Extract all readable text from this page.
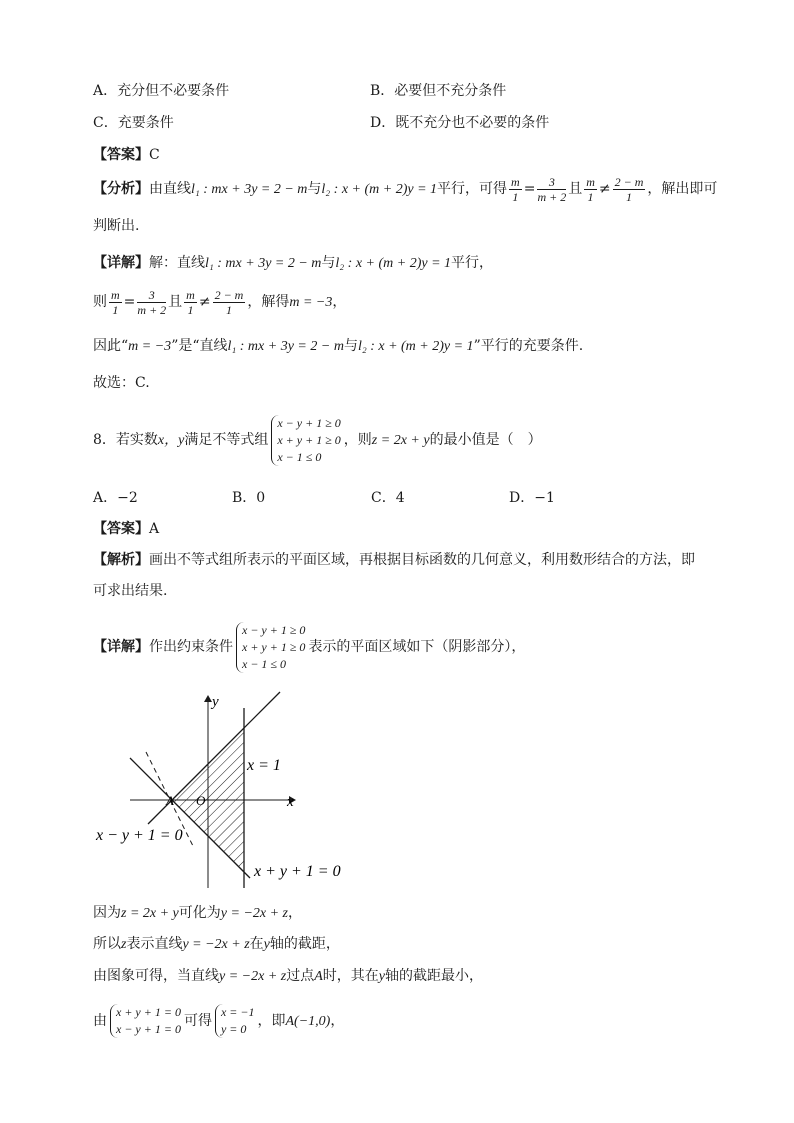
A．充分但不必要条件	B．必要但不充分条件
C．充要条件	D．既不充分也不必要的条件
【答案】C
【分析】由直线l₁ : mx + 3y = 2 − m与l₂ : x + (m + 2)y = 1平行，可得 $\frac{m}{1} = \frac{3}{m + 2}$ 且 $\frac{m}{1} \ne \frac{2 - m}{1}$ ，解出即可
判断出.
【详解】解：直线l₁ : mx + 3y = 2 − m与l₂ : x + (m + 2)y = 1平行，
则 $\frac{m}{1} = \frac{3}{m + 2}$ 且 $\frac{m}{1} \ne \frac{2 - m}{1}$ ，解得m = −3，
因此“m = −3”是“直线l₁ : mx + 3y = 2 − m与l₂ : x + (m + 2)y = 1”平行的充要条件.
故选：C.
8．若实数x，y满足不等式组
x − y + 1 ≥ 0
x + y + 1 ≥ 0
x − 1 ≤ 0
，则z = 2x + y的最小值是（　）
A．−2	B．0	C．4	D．−1
【答案】A
【解析】画出不等式组所表示的平面区域，再根据目标函数的几何意义，利用数形结合的方法，即
可求出结果.
【详解】作出约束条件
x − y + 1 ≥ 0
x + y + 1 ≥ 0
x − 1 ≤ 0
表示的平面区域如下（阴影部分），
y
x
O
A
x = 1
x − y + 1 = 0
x + y + 1 = 0
因为z = 2x + y可化为y = −2x + z，
所以z表示直线y = −2x + z在y轴的截距，
由图象可得，当直线y = −2x + z过点A时，其在y轴的截距最小，
由
x + y + 1 = 0
x − y + 1 = 0 可得
x = −1
y = 0 ，即A(−1,0)，
